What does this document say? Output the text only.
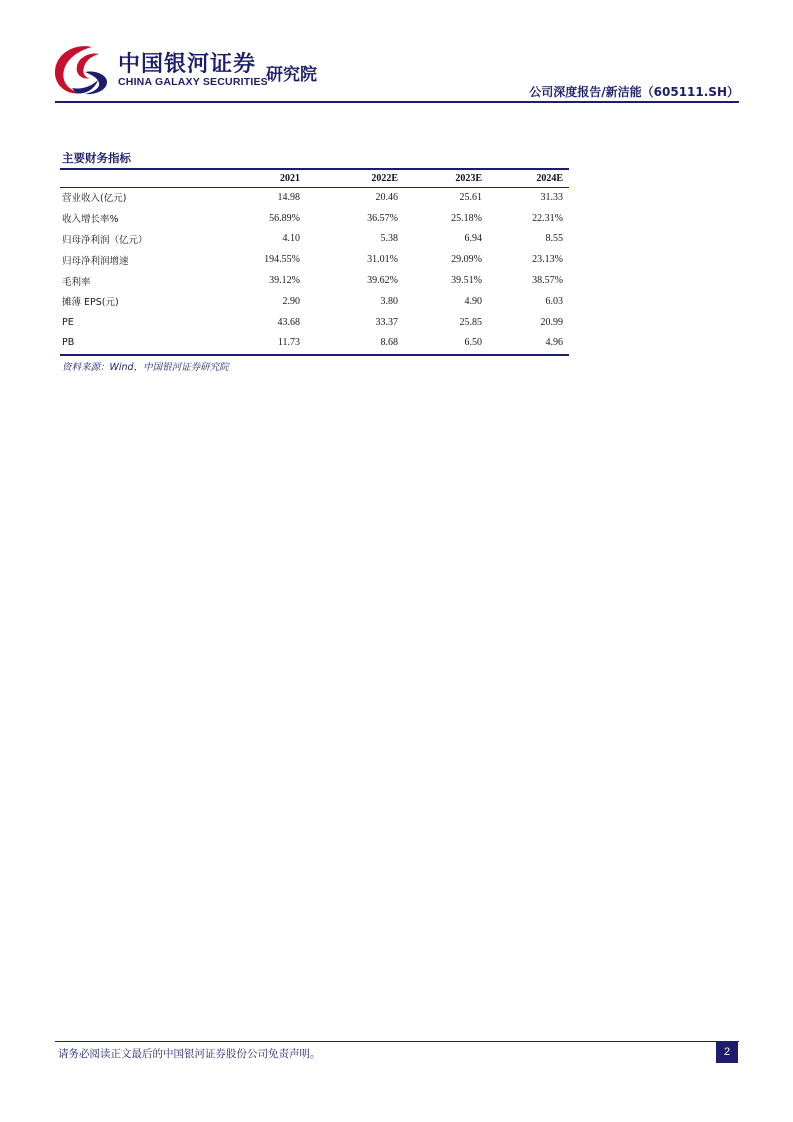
中国银河证券
CHINA GALAXY SECURITIES
研究院
公司深度报告/新洁能（605111.SH）
主要财务指标
	2021	2022E	2023E	2024E
营业收入(亿元)	14.98	20.46	25.61	31.33
收入增长率%	56.89%	36.57%	25.18%	22.31%
归母净利润（亿元）	4.10	5.38	6.94	8.55
归母净利润增速	194.55%	31.01%	29.09%	23.13%
毛利率	39.12%	39.62%	39.51%	38.57%
摊薄 EPS(元)	2.90	3.80	4.90	6.03
PE	43.68	33.37	25.85	20.99
PB	11.73	8.68	6.50	4.96
资料来源：Wind，中国银河证券研究院
请务必阅读正文最后的中国银河证券股份公司免责声明。	2
